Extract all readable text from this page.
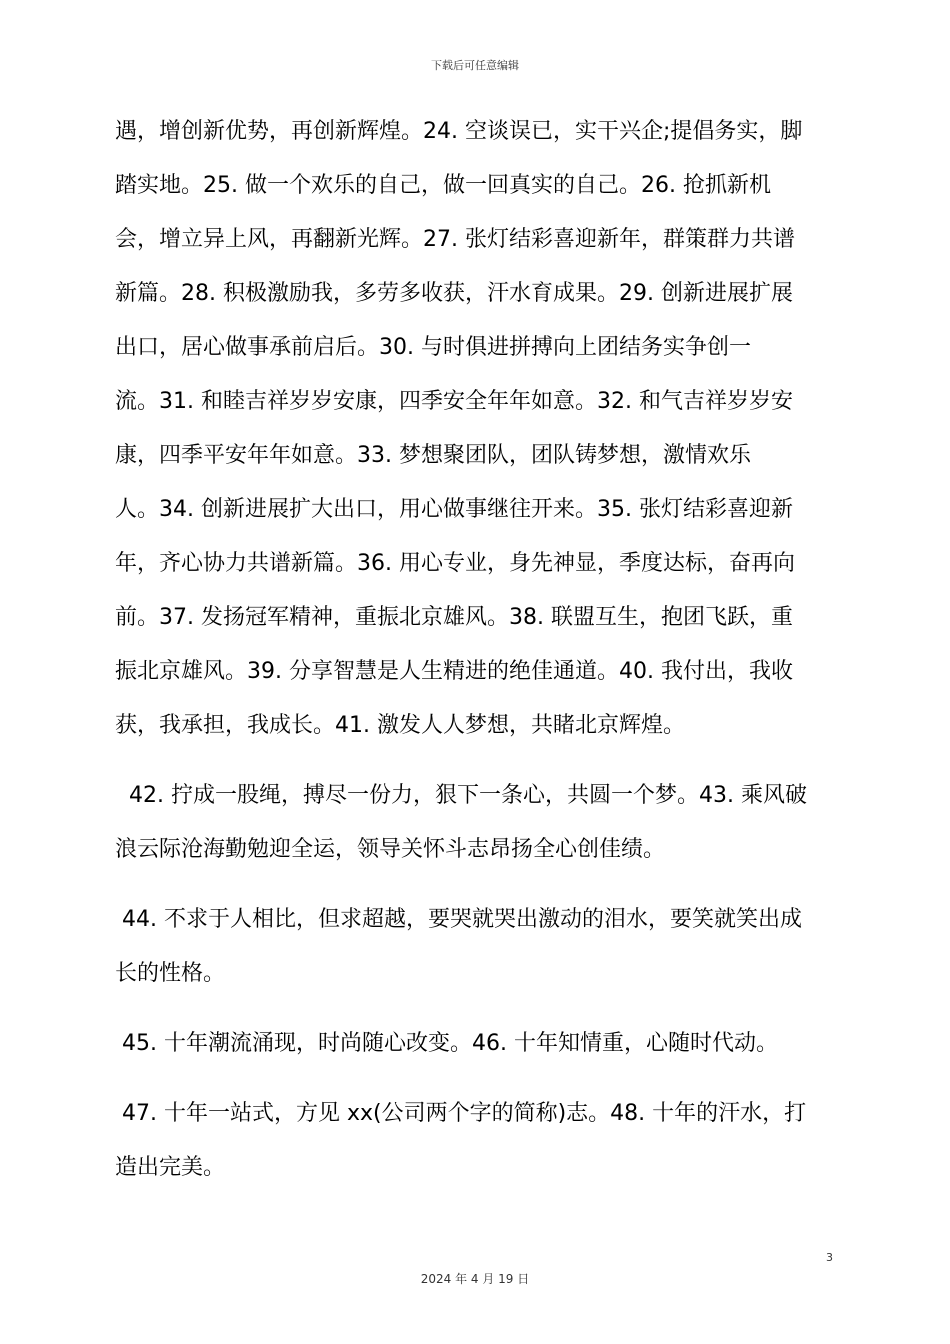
下载后可任意编辑
遇，增创新优势，再创新辉煌。24. 空谈误已，实干兴企;提倡务实，脚
踏实地。25. 做一个欢乐的自己，做一回真实的自己。26. 抢抓新机
会，增立异上风，再翻新光辉。27. 张灯结彩喜迎新年，群策群力共谱
新篇。28. 积极激励我，多劳多收获，汗水育成果。29. 创新进展扩展
出口，居心做事承前启后。30. 与时俱进拼搏向上团结务实争创一
流。31. 和睦吉祥岁岁安康，四季安全年年如意。32. 和气吉祥岁岁安
康，四季平安年年如意。33. 梦想聚团队，团队铸梦想，激情欢乐
人。34. 创新进展扩大出口，用心做事继往开来。35. 张灯结彩喜迎新
年，齐心协力共谱新篇。36. 用心专业，身先神显，季度达标，奋再向
前。37. 发扬冠军精神，重振北京雄风。38. 联盟互生，抱团飞跃，重
振北京雄风。39. 分享智慧是人生精进的绝佳通道。40. 我付出，我收
获，我承担，我成长。41. 激发人人梦想，共睹北京辉煌。
42. 拧成一股绳，搏尽一份力，狠下一条心，共圆一个梦。43. 乘风破
浪云际沧海勤勉迎全运，领导关怀斗志昂扬全心创佳绩。
44. 不求于人相比，但求超越，要哭就哭出激动的泪水，要笑就笑出成
长的性格。
45. 十年潮流涌现，时尚随心改变。46. 十年知情重，心随时代动。
47. 十年一站式，方见 xx(公司两个字的简称)志。48. 十年的汗水，打
造出完美。
3
2024 年 4 月 19 日
